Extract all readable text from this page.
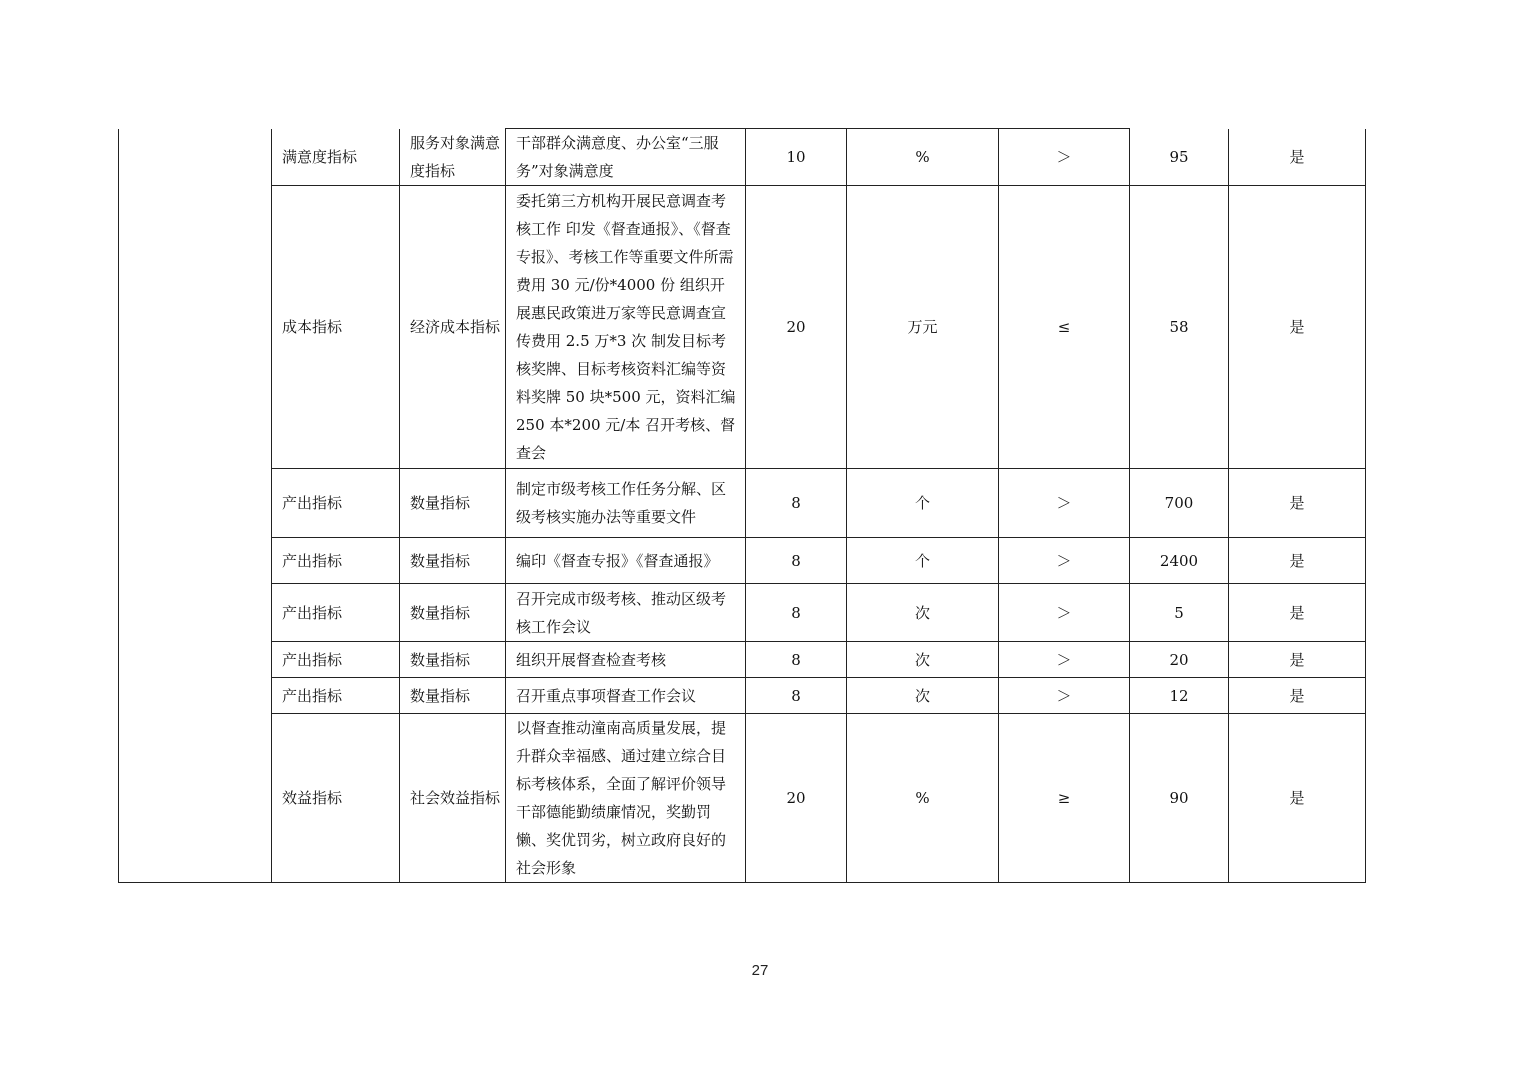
	满意度指标	服务对象满意度指标	干部群众满意度、办公室“三服务”对象满意度	10	%	＞	95	是
	成本指标	经济成本指标	委托第三方机构开展民意调查考核工作 印发《督查通报》、《督查专报》、考核工作等重要文件所需费用 30 元/份*4000 份 组织开展惠民政策进万家等民意调查宣传费用 2.5 万*3 次 制发目标考核奖牌、目标考核资料汇编等资料奖牌 50 块*500 元，资料汇编 250 本*200 元/本 召开考核、督查会	20	万元	≤	58	是
	产出指标	数量指标	制定市级考核工作任务分解、区级考核实施办法等重要文件	8	个	＞	700	是
	产出指标	数量指标	编印《督查专报》《督查通报》	8	个	＞	2400	是
	产出指标	数量指标	召开完成市级考核、推动区级考核工作会议	8	次	＞	5	是
	产出指标	数量指标	组织开展督查检查考核	8	次	＞	20	是
	产出指标	数量指标	召开重点事项督查工作会议	8	次	＞	12	是
	效益指标	社会效益指标	以督查推动潼南高质量发展，提升群众幸福感、通过建立综合目标考核体系，全面了解评价领导干部德能勤绩廉情况，奖勤罚懒、奖优罚劣，树立政府良好的社会形象	20	%	≥	90	是
27
